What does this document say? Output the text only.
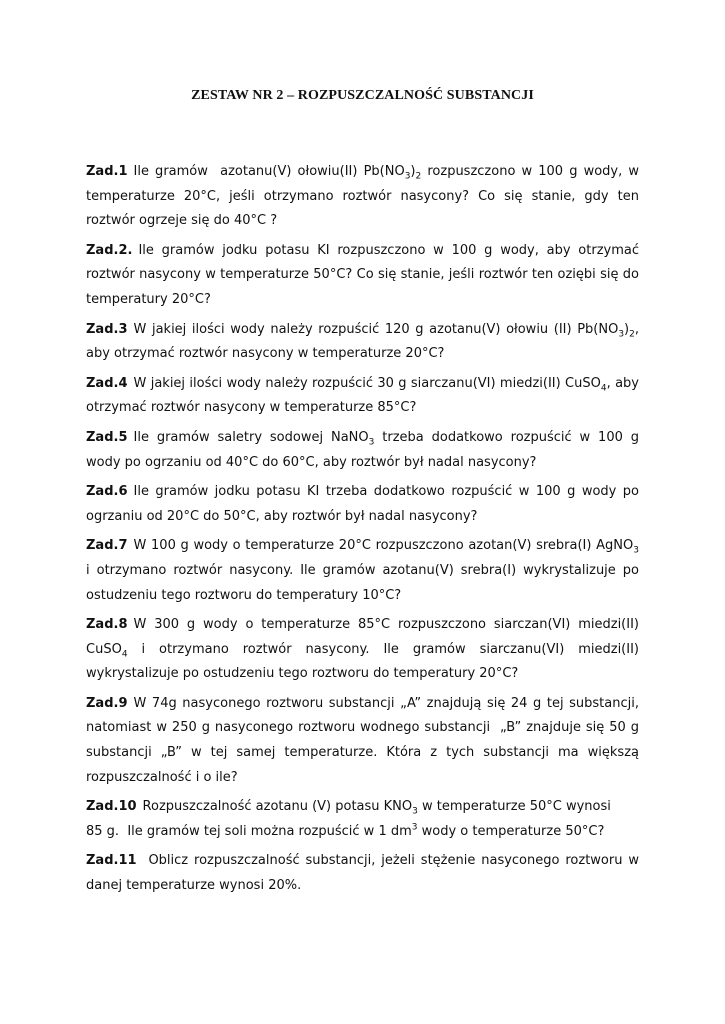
ZESTAW NR 2 – ROZPUSZCZALNOŚĆ SUBSTANCJI
Zad.1 Ile gramów  azotanu(V) ołowiu(II) $Pb(NO_3)_2$ rozpuszczono w 100 g wody, w temperaturze 20°C, jeśli otrzymano roztwór nasycony? Co się stanie, gdy ten roztwór ogrzeje się do 40°C ?
Zad.2. Ile gramów jodku potasu KI rozpuszczono w 100 g wody, aby otrzymać roztwór nasycony w temperaturze 50°C? Co się stanie, jeśli roztwór ten oziębi się do temperatury 20°C?
Zad.3 W jakiej ilości wody należy rozpuścić 120 g azotanu(V) ołowiu (II) $Pb(NO_3)_2$, aby otrzymać roztwór nasycony w temperaturze 20°C?
Zad.4 W jakiej ilości wody należy rozpuścić 30 g siarczanu(VI) miedzi(II) CuSO$_4$, aby otrzymać roztwór nasycony w temperaturze 85°C?
Zad.5 Ile gramów saletry sodowej NaNO$_3$ trzeba dodatkowo rozpuścić w 100 g wody po ogrzaniu od 40°C do 60°C, aby roztwór był nadal nasycony?
Zad.6 Ile gramów jodku potasu KI trzeba dodatkowo rozpuścić w 100 g wody po ogrzaniu od 20°C do 50°C, aby roztwór był nadal nasycony?
Zad.7 W 100 g wody o temperaturze 20°C rozpuszczono azotan(V) srebra(I) AgNO$_3$ i otrzymano roztwór nasycony. Ile gramów azotanu(V) srebra(I) wykrystalizuje po ostudzeniu tego roztworu do temperatury 10°C?
Zad.8 W 300 g wody o temperaturze 85°C rozpuszczono siarczan(VI) miedzi(II) CuSO$_4$ i otrzymano roztwór nasycony. Ile gramów siarczanu(VI) miedzi(II) wykrystalizuje po ostudzeniu tego roztworu do temperatury 20°C?
Zad.9 W 74g nasyconego roztworu substancji „A” znajdują się 24 g tej substancji, natomiast w 250 g nasyconego roztworu wodnego substancji  „B” znajduje się 50 g substancji „B” w tej samej temperaturze. Która z tych substancji ma większą rozpuszczalność i o ile?
Zad.10 Rozpuszczalność azotanu (V) potasu $KNO_3$ w temperaturze 50°C wynosi
85 g.  Ile gramów tej soli można rozpuścić w 1 $dm^3$ wody o temperaturze 50°C?
Zad.11 Oblicz rozpuszczalność substancji, jeżeli stężenie nasyconego roztworu w danej temperaturze wynosi 20%.
